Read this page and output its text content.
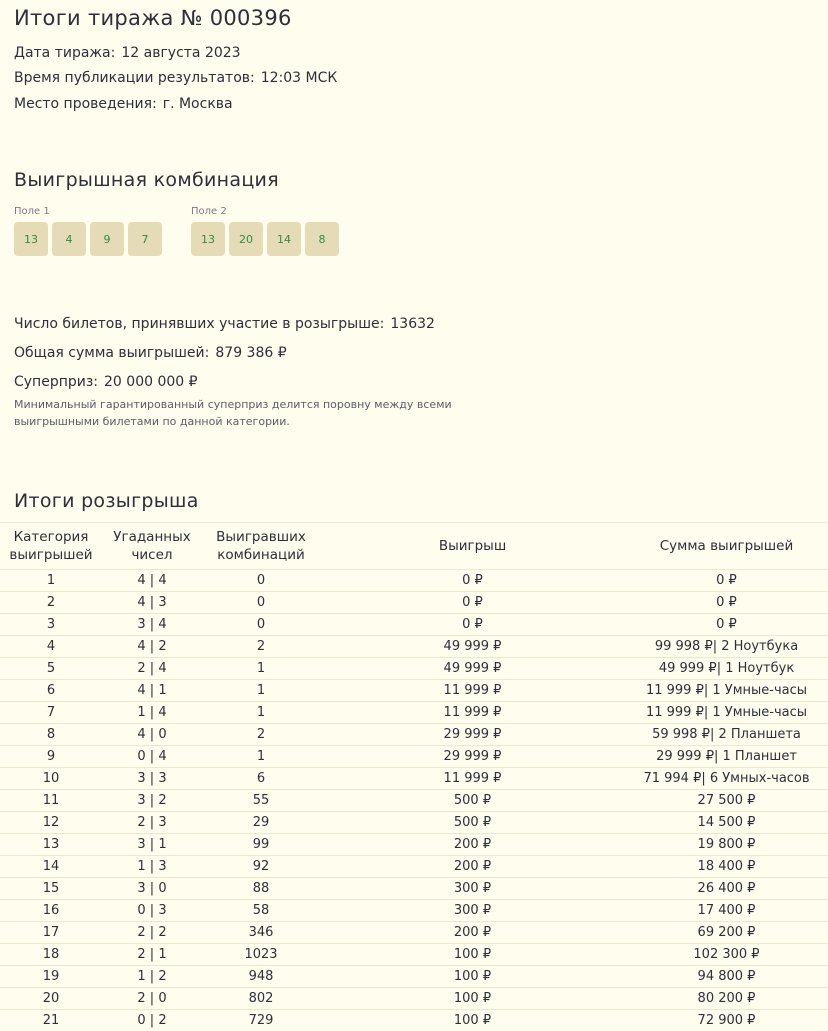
Итоги тиража № 000396

Дата тиража: 12 августа 2023

Время публикации результатов: 12:03 МСК

Место проведения: г. Москва

Выигрышная комбинация
Поле 1
13	4	9	7
Поле 2
13	20	14	8

Число билетов, принявших участие в розыгрыше: 13632

Общая сумма выигрышей: 879 386 ₽

Суперприз: 20 000 000 ₽

Минимальный гарантированный суперприз делится поровну между всеми выигрышными билетами по данной категории.

Итоги розыгрыша
Категория выигрышей	Угаданных чисел	Выигравших комбинаций	Выигрыш	Сумма выигрышей
1	4 | 4	0	0 ₽	0 ₽
2	4 | 3	0	0 ₽	0 ₽
3	3 | 4	0	0 ₽	0 ₽
4	4 | 2	2	49 999 ₽	99 998 ₽| 2 Ноутбука
5	2 | 4	1	49 999 ₽	49 999 ₽| 1 Ноутбук
6	4 | 1	1	11 999 ₽	11 999 ₽| 1 Умные-часы
7	1 | 4	1	11 999 ₽	11 999 ₽| 1 Умные-часы
8	4 | 0	2	29 999 ₽	59 998 ₽| 2 Планшета
9	0 | 4	1	29 999 ₽	29 999 ₽| 1 Планшет
10	3 | 3	6	11 999 ₽	71 994 ₽| 6 Умных-часов
11	3 | 2	55	500 ₽	27 500 ₽
12	2 | 3	29	500 ₽	14 500 ₽
13	3 | 1	99	200 ₽	19 800 ₽
14	1 | 3	92	200 ₽	18 400 ₽
15	3 | 0	88	300 ₽	26 400 ₽
16	0 | 3	58	300 ₽	17 400 ₽
17	2 | 2	346	200 ₽	69 200 ₽
18	2 | 1	1023	100 ₽	102 300 ₽
19	1 | 2	948	100 ₽	94 800 ₽
20	2 | 0	802	100 ₽	80 200 ₽
21	0 | 2	729	100 ₽	72 900 ₽
